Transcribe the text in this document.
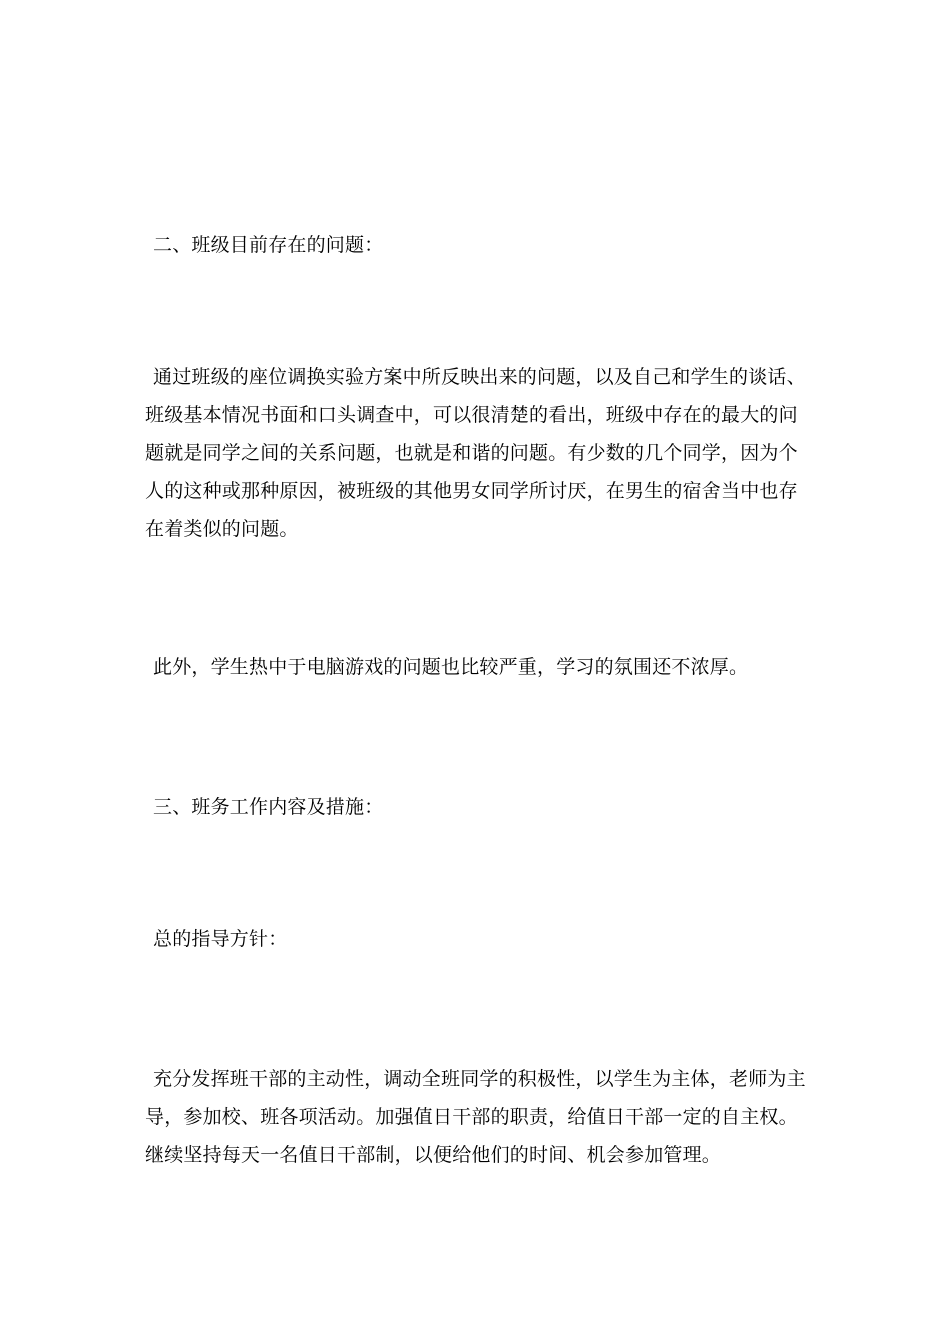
二、班级目前存在的问题：

通过班级的座位调换实验方案中所反映出来的问题，以及自己和学生的谈话、
班级基本情况书面和口头调查中，可以很清楚的看出，班级中存在的最大的问
题就是同学之间的关系问题，也就是和谐的问题。有少数的几个同学，因为个
人的这种或那种原因，被班级的其他男女同学所讨厌，在男生的宿舍当中也存
在着类似的问题。

此外，学生热中于电脑游戏的问题也比较严重，学习的氛围还不浓厚。

三、班务工作内容及措施：

总的指导方针：

充分发挥班干部的主动性，调动全班同学的积极性，以学生为主体，老师为主
导，参加校、班各项活动。加强值日干部的职责，给值日干部一定的自主权。
继续坚持每天一名值日干部制，以便给他们的时间、机会参加管理。
